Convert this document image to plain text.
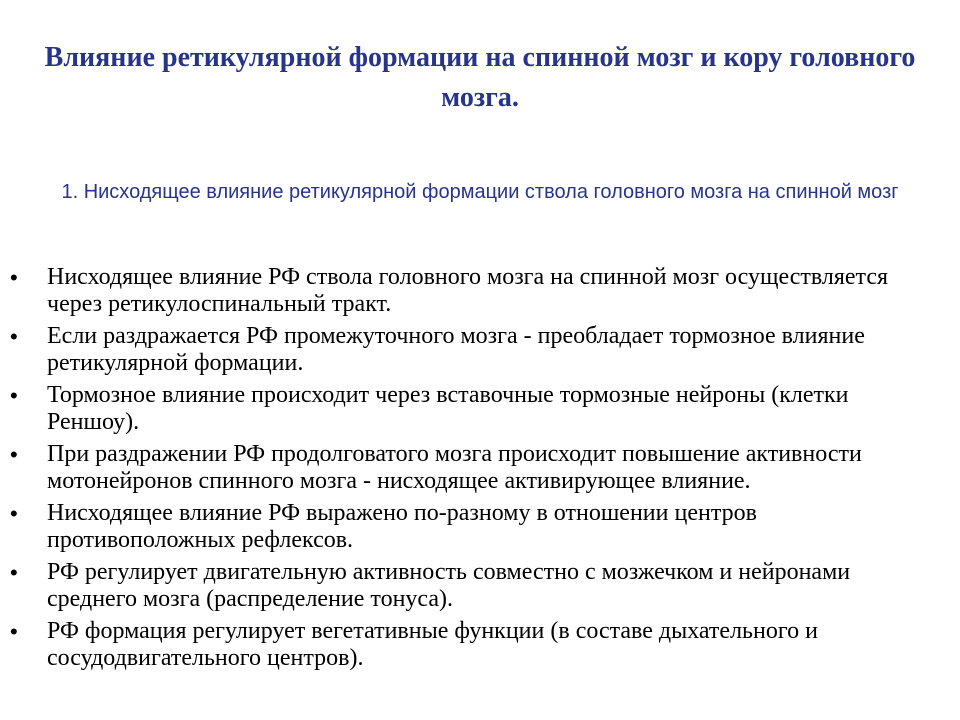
Влияние ретикулярной формации на спинной мозг и кору головного мозга.

1. Нисходящее влияние ретикулярной формации ствола головного мозга на спинной мозг

• Нисходящее влияние РФ ствола головного мозга на спинной мозг осуществляется через ретикулоспинальный тракт.
• Если раздражается РФ промежуточного мозга - преобладает тормозное влияние ретикулярной формации.
• Тормозное влияние происходит через вставочные тормозные нейроны (клетки Реншоу).
• При раздражении РФ продолговатого мозга происходит повышение активности мотонейронов спинного мозга - нисходящее активирующее влияние.
• Нисходящее влияние РФ выражено по-разному в отношении центров противоположных рефлексов.
• РФ регулирует двигательную активность совместно с мозжечком и нейронами среднего мозга (распределение тонуса).
• РФ формация регулирует вегетативные функции (в составе дыхательного и сосудодвигательного центров).
